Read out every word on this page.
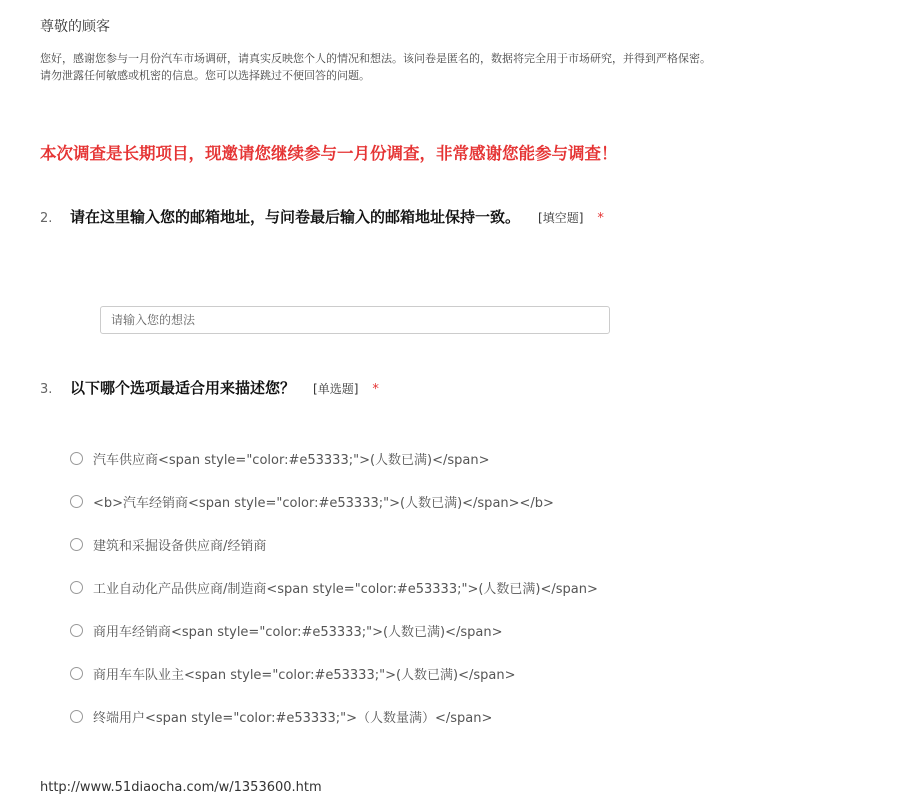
尊敬的顾客
您好，感谢您参与一月份汽车市场调研，请真实反映您个人的情况和想法。该问卷是匿名的，数据将完全用于市场研究，并得到严格保密。
请勿泄露任何敏感或机密的信息。您可以选择跳过不便回答的问题。
本次调查是长期项目，现邀请您继续参与一月份调查，非常感谢您能参与调查！
2.	请在这里输入您的邮箱地址，与问卷最后输入的邮箱地址保持一致。 [填空题] *
请输入您的想法
3.	以下哪个选项最适合用来描述您？ [单选题] *
汽车供应商<span style="color:#e53333;">(人数已满)</span>
<b>汽车经销商<span style="color:#e53333;">(人数已满)</span></b>
建筑和采掘设备供应商/经销商
工业自动化产品供应商/制造商<span style="color:#e53333;">(人数已满)</span>
商用车经销商<span style="color:#e53333;">(人数已满)</span>
商用车车队业主<span style="color:#e53333;">(人数已满)</span>
终端用户<span style="color:#e53333;">（人数量满）</span>
http://www.51diaocha.com/w/1353600.htm
